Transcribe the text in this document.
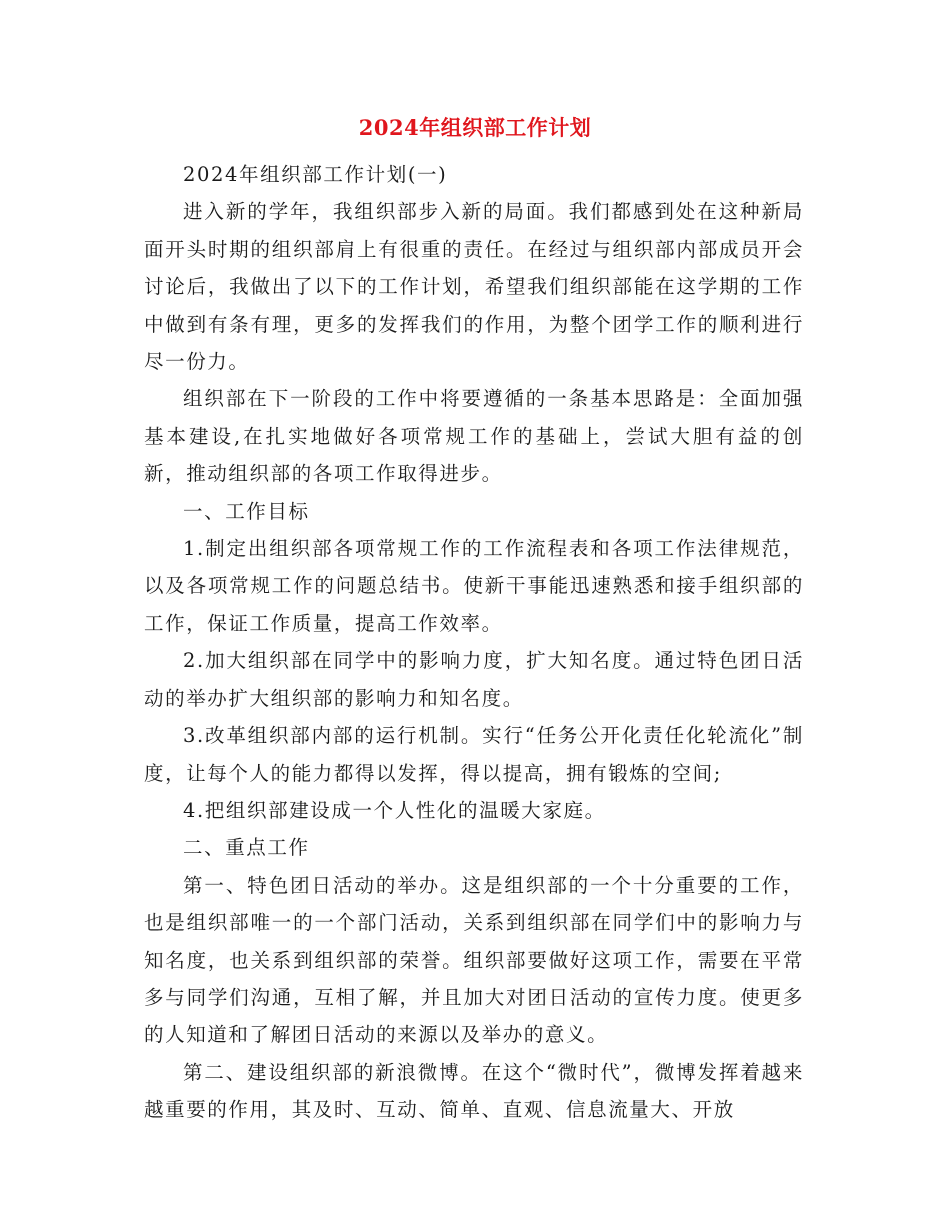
2024年组织部工作计划

2024年组织部工作计划(一)

进入新的学年，我组织部步入新的局面。我们都感到处在这种新局面开头时期的组织部肩上有很重的责任。在经过与组织部内部成员开会讨论后，我做出了以下的工作计划，希望我们组织部能在这学期的工作中做到有条有理，更多的发挥我们的作用，为整个团学工作的顺利进行尽一份力。

组织部在下一阶段的工作中将要遵循的一条基本思路是：全面加强基本建设,在扎实地做好各项常规工作的基础上，尝试大胆有益的创新，推动组织部的各项工作取得进步。

一、工作目标

1.制定出组织部各项常规工作的工作流程表和各项工作法律规范，以及各项常规工作的问题总结书。使新干事能迅速熟悉和接手组织部的工作，保证工作质量，提高工作效率。

2.加大组织部在同学中的影响力度，扩大知名度。通过特色团日活动的举办扩大组织部的影响力和知名度。

3.改革组织部内部的运行机制。实行“任务公开化责任化轮流化”制度，让每个人的能力都得以发挥，得以提高，拥有锻炼的空间;

4.把组织部建设成一个人性化的温暖大家庭。

二、重点工作

第一、特色团日活动的举办。这是组织部的一个十分重要的工作，也是组织部唯一的一个部门活动，关系到组织部在同学们中的影响力与知名度，也关系到组织部的荣誉。组织部要做好这项工作，需要在平常多与同学们沟通，互相了解，并且加大对团日活动的宣传力度。使更多的人知道和了解团日活动的来源以及举办的意义。

第二、建设组织部的新浪微博。在这个“微时代”，微博发挥着越来越重要的作用，其及时、互动、简单、直观、信息流量大、开放
